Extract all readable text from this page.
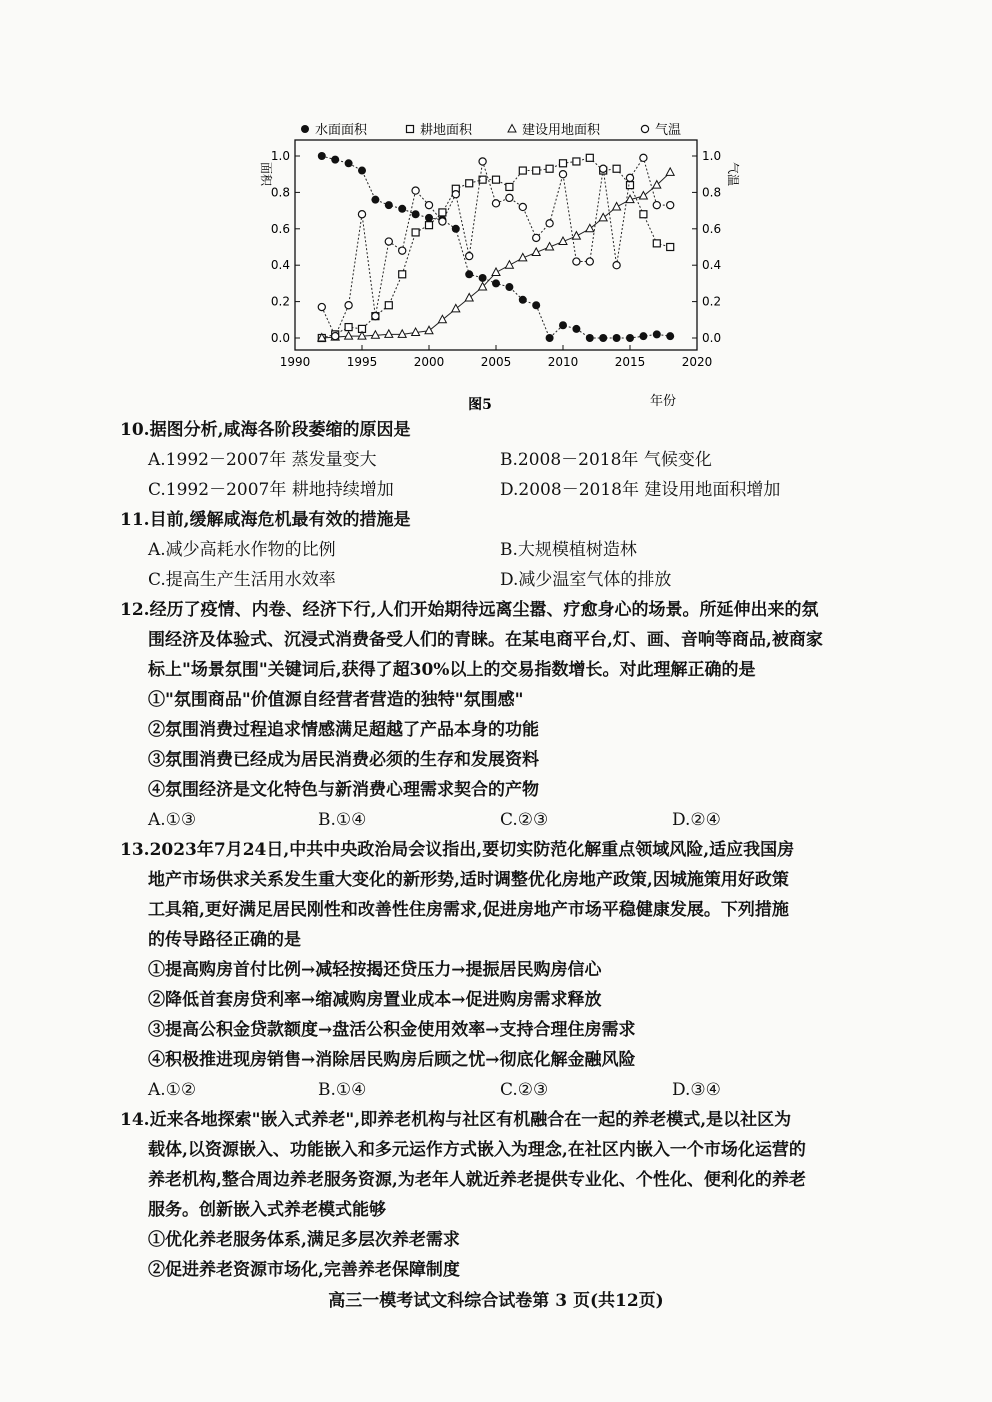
水面面积	耕地面积	建设用地面积	气温
1990	1995	2000	2005	2010	2015	2020
0.0
0.2
0.4
0.6
0.8
1.0
0.0
0.2
0.4
0.6
0.8
1.0
面积	气温
图5	年份
10.据图分析,咸海各阶段萎缩的原因是
A.1992－2007年 蒸发量变大	B.2008－2018年 气候变化
C.1992－2007年 耕地持续增加	D.2008－2018年 建设用地面积增加
11.目前,缓解咸海危机最有效的措施是
A.减少高耗水作物的比例	B.大规模植树造林
C.提高生产生活用水效率	D.减少温室气体的排放
12.经历了疫情、内卷、经济下行,人们开始期待远离尘嚣、疗愈身心的场景。所延伸出来的氛
围经济及体验式、沉浸式消费备受人们的青睐。在某电商平台,灯、画、音响等商品,被商家
标上"场景氛围"关键词后,获得了超30%以上的交易指数增长。对此理解正确的是
①"氛围商品"价值源自经营者营造的独特"氛围感"
②氛围消费过程追求情感满足超越了产品本身的功能
③氛围消费已经成为居民消费必须的生存和发展资料
④氛围经济是文化特色与新消费心理需求契合的产物
A.①③	B.①④	C.②③	D.②④
13.2023年7月24日,中共中央政治局会议指出,要切实防范化解重点领域风险,适应我国房
地产市场供求关系发生重大变化的新形势,适时调整优化房地产政策,因城施策用好政策
工具箱,更好满足居民刚性和改善性住房需求,促进房地产市场平稳健康发展。下列措施
的传导路径正确的是
①提高购房首付比例→减轻按揭还贷压力→提振居民购房信心
②降低首套房贷利率→缩减购房置业成本→促进购房需求释放
③提高公积金贷款额度→盘活公积金使用效率→支持合理住房需求
④积极推进现房销售→消除居民购房后顾之忧→彻底化解金融风险
A.①②	B.①④	C.②③	D.③④
14.近来各地探索"嵌入式养老",即养老机构与社区有机融合在一起的养老模式,是以社区为
载体,以资源嵌入、功能嵌入和多元运作方式嵌入为理念,在社区内嵌入一个市场化运营的
养老机构,整合周边养老服务资源,为老年人就近养老提供专业化、个性化、便利化的养老
服务。创新嵌入式养老模式能够
①优化养老服务体系,满足多层次养老需求
②促进养老资源市场化,完善养老保障制度
高三一模考试文科综合试卷第 3 页(共12页)
